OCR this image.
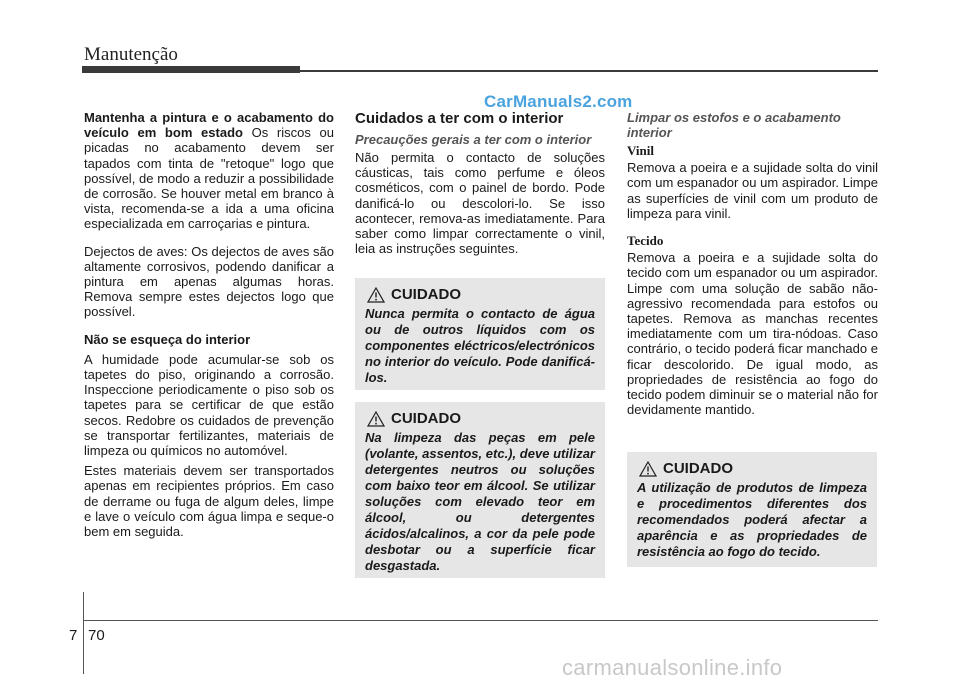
Manutenção
CarManuals2.com

Mantenha a pintura e o acabamento do veículo em bom estado Os riscos ou picadas no acabamento devem ser tapados com tinta de "retoque" logo que possível, de modo a reduzir a possibilidade de corrosão. Se houver metal em branco à vista, recomenda-se a ida a uma oficina especializada em carroçarias e pintura.

Dejectos de aves: Os dejectos de aves são altamente corrosivos, podendo danificar a pintura em apenas algumas horas. Remova sempre estes dejectos logo que possível.

Não se esqueça do interior

A humidade pode acumular-se sob os tapetes do piso, originando a corrosão. Inspeccione periodicamente o piso sob os tapetes para se certificar de que estão secos. Redobre os cuidados de prevenção se transportar fertilizantes, materiais de limpeza ou químicos no automóvel.

Estes materiais devem ser transportados apenas em recipientes próprios. Em caso de derrame ou fuga de algum deles, limpe e lave o veículo com água limpa e seque-o bem em seguida.

Cuidados a ter com o interior
Precauções gerais a ter com o interior

Não permita o contacto de soluções cáusticas, tais como perfume e óleos cosméticos, com o painel de bordo. Pode danificá-lo ou descolori-lo. Se isso acontecer, remova-as imediatamente. Para saber como limpar correctamente o vinil, leia as instruções seguintes.

CUIDADO

Nunca permita o contacto de água ou de outros líquidos com os componentes eléctricos/electrónicos no interior do veículo. Pode danificá-los.

CUIDADO

Na limpeza das peças em pele (volante, assentos, etc.), deve utilizar detergentes neutros ou soluções com baixo teor em álcool. Se utilizar soluções com elevado teor em álcool, ou detergentes ácidos/alcalinos, a cor da pele pode desbotar ou a superfície ficar desgastada.

Limpar os estofos e o acabamento interior
Vinil

Remova a poeira e a sujidade solta do vinil com um espanador ou um aspirador. Limpe as superfícies de vinil com um produto de limpeza para vinil.

Tecido

Remova a poeira e a sujidade solta do tecido com um espanador ou um aspirador. Limpe com uma solução de sabão não-agressivo recomendada para estofos ou tapetes. Remova as manchas recentes imediatamente com um tira-nódoas. Caso contrário, o tecido poderá ficar manchado e ficar descolorido. De igual modo, as propriedades de resistência ao fogo do tecido podem diminuir se o material não for devidamente mantido.

CUIDADO

A utilização de produtos de limpeza e procedimentos diferentes dos recomendados poderá afectar a aparência e as propriedades de resistência ao fogo do tecido.

7 70
carmanualsonline.info
